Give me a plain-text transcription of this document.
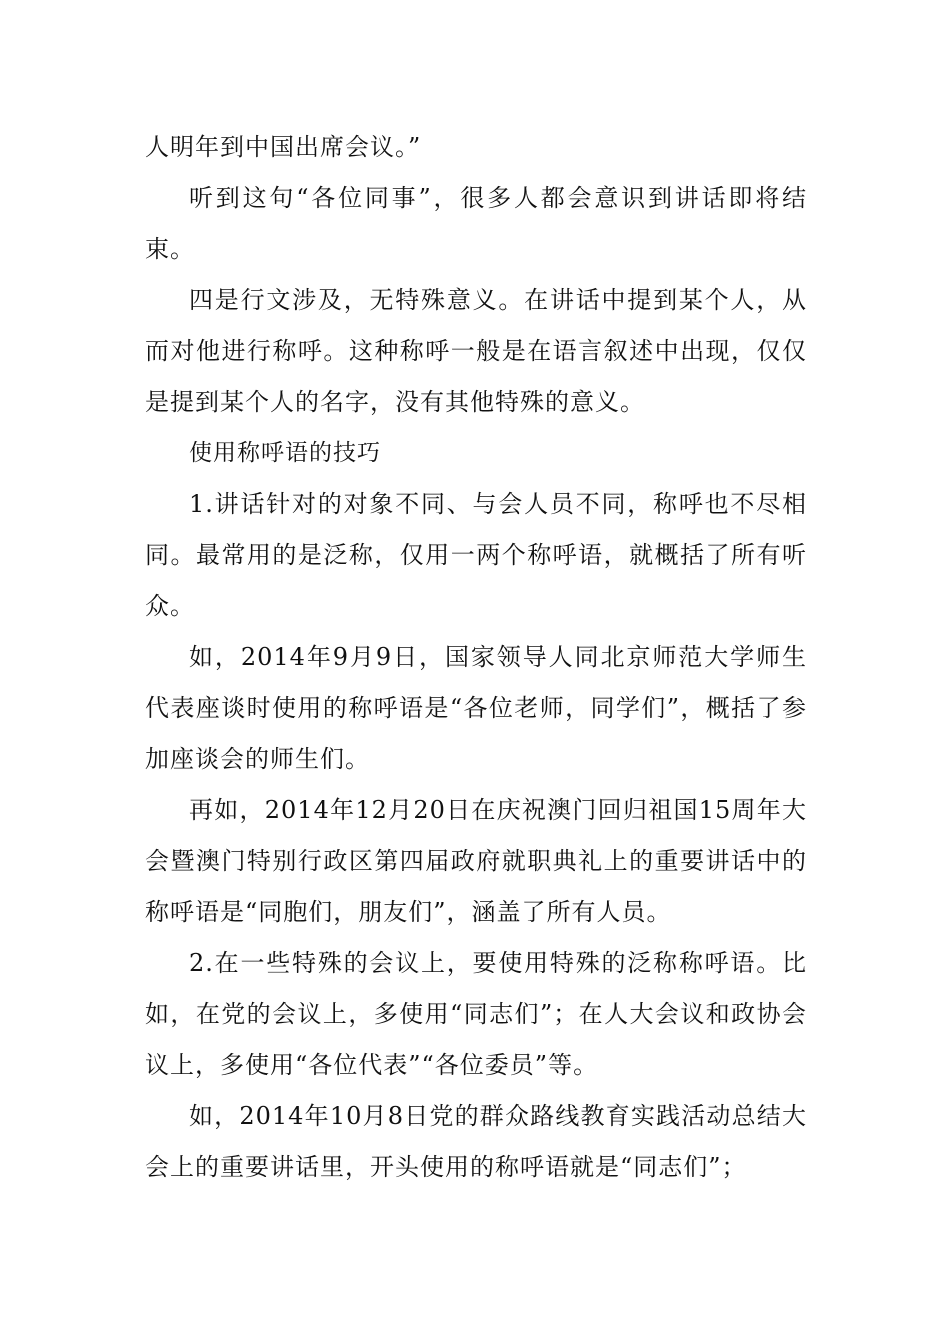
人明年到中国出席会议。”

听到这句“各位同事”，很多人都会意识到讲话即将结束。

四是行文涉及，无特殊意义。在讲话中提到某个人，从而对他进行称呼。这种称呼一般是在语言叙述中出现，仅仅是提到某个人的名字，没有其他特殊的意义。

使用称呼语的技巧

1.讲话针对的对象不同、与会人员不同，称呼也不尽相同。最常用的是泛称，仅用一两个称呼语，就概括了所有听众。

如，2014年9月9日，国家领导人同北京师范大学师生代表座谈时使用的称呼语是“各位老师，同学们”，概括了参加座谈会的师生们。

再如，2014年12月20日在庆祝澳门回归祖国15周年大会暨澳门特别行政区第四届政府就职典礼上的重要讲话中的称呼语是“同胞们，朋友们”，涵盖了所有人员。

2.在一些特殊的会议上，要使用特殊的泛称称呼语。比如，在党的会议上，多使用“同志们”；在人大会议和政协会议上，多使用“各位代表”“各位委员”等。

如，2014年10月8日党的群众路线教育实践活动总结大会上的重要讲话里，开头使用的称呼语就是“同志们”；
